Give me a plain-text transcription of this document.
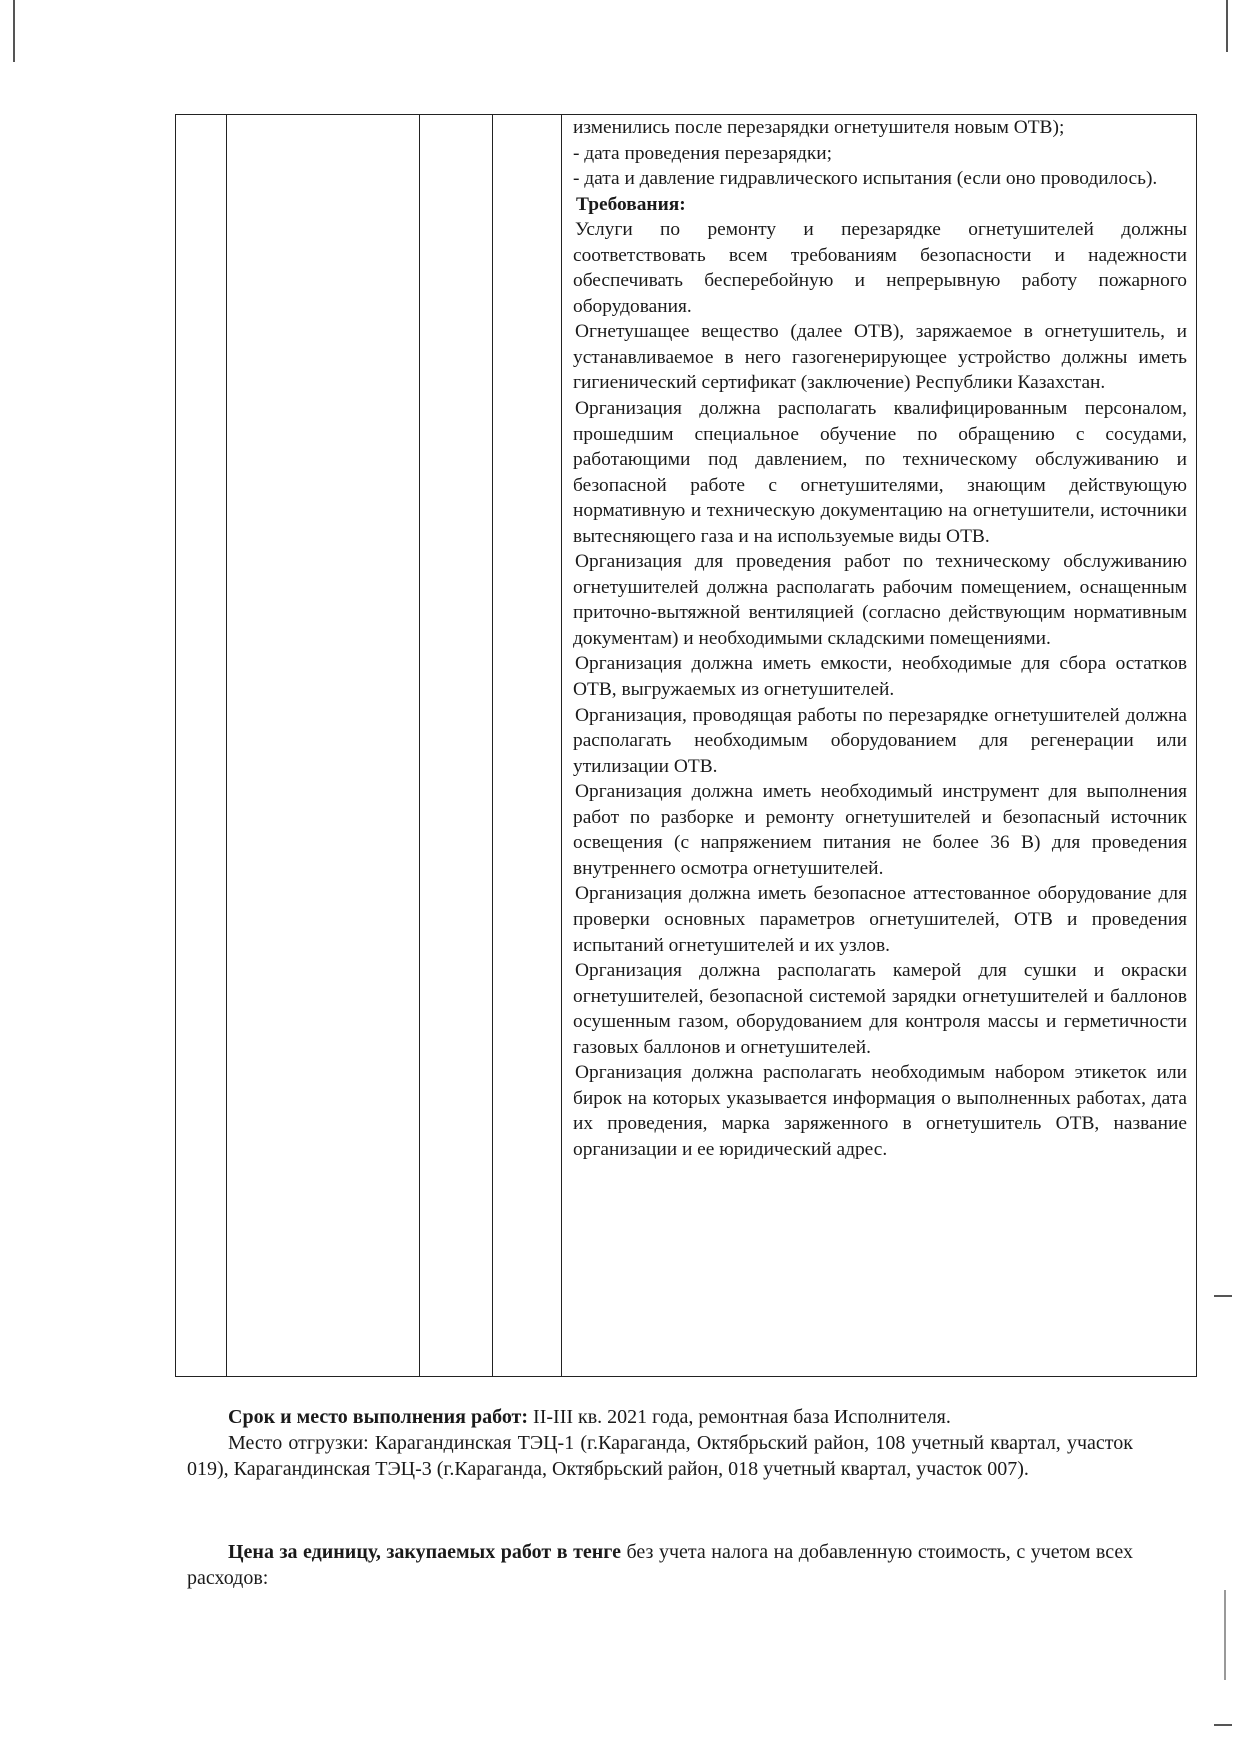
изменились после перезарядки огнетушителя новым ОТВ);

- дата проведения перезарядки;

- дата и давление гидравлического испытания (если оно проводилось).

Требования:

Услуги по ремонту и перезарядке огнетушителей должны соответствовать всем требованиям безопасности и надежности обеспечивать бесперебойную и непрерывную работу пожарного оборудования.

Огнетушащее вещество (далее ОТВ), заряжаемое в огнетушитель, и устанавливаемое в него газогенерирующее устройство должны иметь гигиенический сертификат (заключение) Республики Казахстан.

Организация должна располагать квалифицированным персоналом, прошедшим специальное обучение по обращению с сосудами, работающими под давлением, по техническому обслуживанию и безопасной работе с огнетушителями, знающим действующую нормативную и техническую документацию на огнетушители, источники вытесняющего газа и на используемые виды ОТВ.

Организация для проведения работ по техническому обслуживанию огнетушителей должна располагать рабочим помещением, оснащенным приточно-вытяжной вентиляцией (согласно действующим нормативным документам) и необходимыми складскими помещениями.

Организация должна иметь емкости, необходимые для сбора остатков ОТВ, выгружаемых из огнетушителей.

Организация, проводящая работы по перезарядке огнетушителей должна располагать необходимым оборудованием для регенерации или утилизации ОТВ.

Организация должна иметь необходимый инструмент для выполнения работ по разборке и ремонту огнетушителей и безопасный источник освещения (с напряжением питания не более 36 В) для проведения внутреннего осмотра огнетушителей.

Организация должна иметь безопасное аттестованное оборудование для проверки основных параметров огнетушителей, ОТВ и проведения испытаний огнетушителей и их узлов.

Организация должна располагать камерой для сушки и окраски огнетушителей, безопасной системой зарядки огнетушителей и баллонов осушенным газом, оборудованием для контроля массы и герметичности газовых баллонов и огнетушителей.

Организация должна располагать необходимым набором этикеток или бирок на которых указывается информация о выполненных работах, дата их проведения, марка заряженного в огнетушитель ОТВ, название организации и ее юридический адрес.

Срок и место выполнения работ: II-III кв. 2021 года, ремонтная база Исполнителя.

Место отгрузки: Карагандинская ТЭЦ-1 (г.Караганда, Октябрьский район, 108 учетный квартал, участок 019), Карагандинская ТЭЦ-3 (г.Караганда, Октябрьский район, 018 учетный квартал, участок 007).

Цена за единицу, закупаемых работ в тенге без учета налога на добавленную стоимость, с учетом всех расходов:
